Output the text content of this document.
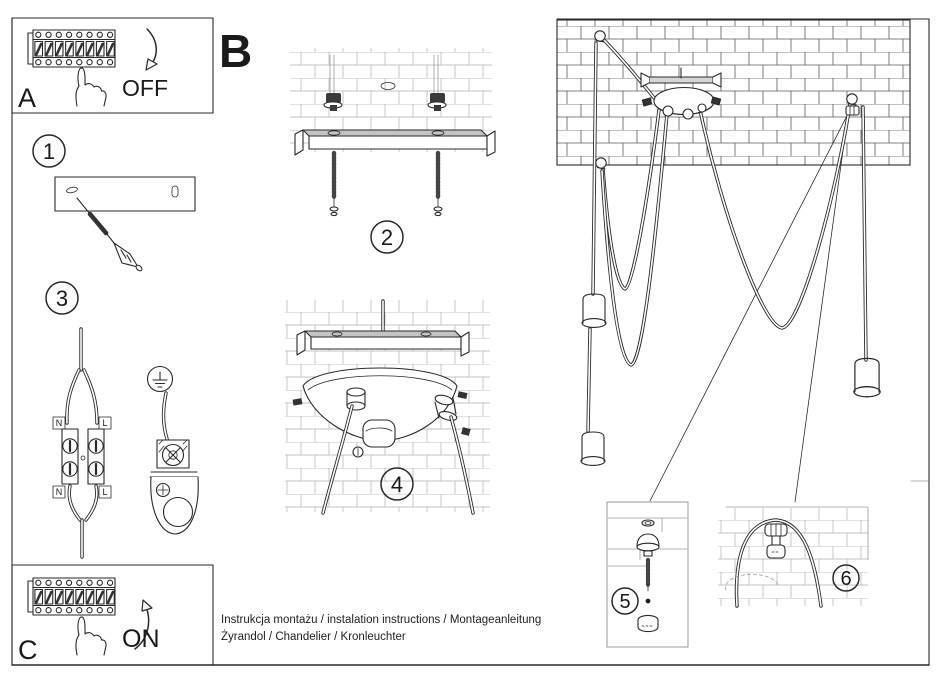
5
6
OFF
A
B
1
3
N	L
N	L
2
4
ON
C
Instrukcja montażu / instalation instructions / Montageanleitung
Żyrandol / Chandelier / Kronleuchter
